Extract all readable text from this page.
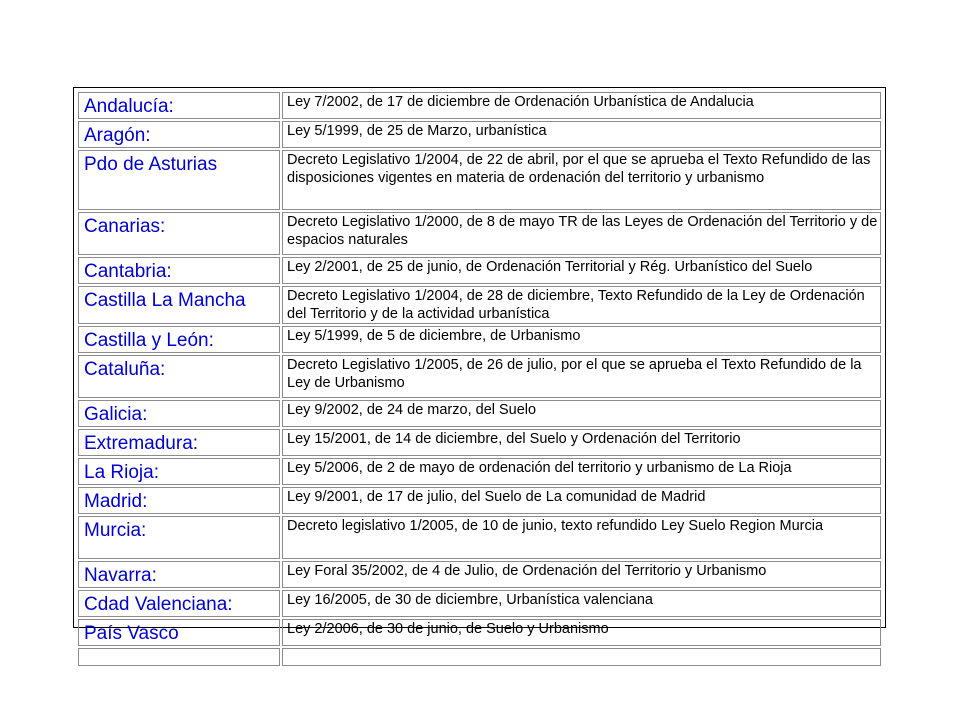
Andalucía:	Ley 7/2002, de 17 de diciembre de Ordenación Urbanística de Andalucia

Aragón:	Ley 5/1999, de 25 de Marzo, urbanística

Pdo de Asturias	Decreto Legislativo 1/2004, de 22 de abril, por el que se aprueba el Texto Refundido de las disposiciones vigentes en materia de ordenación del territorio y urbanismo

Canarias:	Decreto Legislativo 1/2000, de 8 de mayo TR de las Leyes de Ordenación del Territorio y de espacios naturales

Cantabria:	Ley 2/2001, de 25 de junio, de Ordenación Territorial y Rég. Urbanístico del Suelo

Castilla La Mancha	Decreto Legislativo 1/2004, de 28 de diciembre, Texto Refundido de la Ley de Ordenación del Territorio y de la actividad urbanística

Castilla y León:	Ley 5/1999, de 5 de diciembre, de Urbanismo

Cataluña:	Decreto Legislativo 1/2005, de 26 de julio, por el que se aprueba el Texto Refundido de la Ley de Urbanismo

Galicia:	Ley 9/2002, de 24 de marzo, del Suelo

Extremadura:	Ley 15/2001, de 14 de diciembre, del Suelo y Ordenación del Territorio

La Rioja:	Ley 5/2006, de 2 de mayo de ordenación del territorio y urbanismo de La Rioja

Madrid:	Ley 9/2001, de 17 de julio, del Suelo de La comunidad de Madrid

Murcia:	Decreto legislativo 1/2005, de 10 de junio, texto refundido Ley Suelo Region Murcia

Navarra:	Ley Foral 35/2002, de 4 de Julio, de Ordenación del Territorio y Urbanismo

Cdad Valenciana:	Ley 16/2005, de 30 de diciembre, Urbanística valenciana

País Vasco	Ley 2/2006, de 30 de junio, de Suelo y Urbanismo
